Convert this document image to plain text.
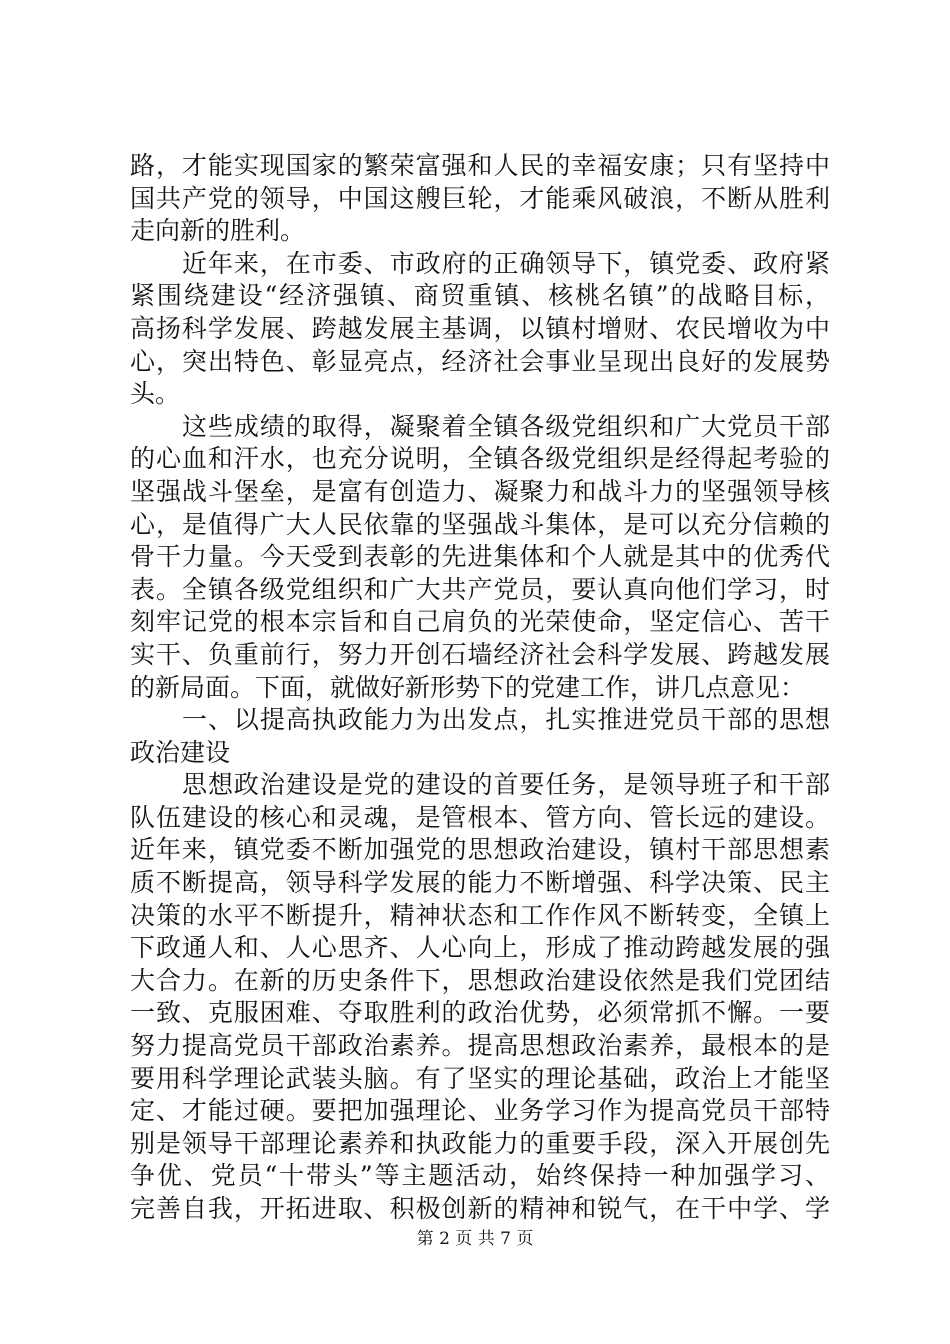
路，才能实现国家的繁荣富强和人民的幸福安康；只有坚持中
国共产党的领导，中国这艘巨轮，才能乘风破浪，不断从胜利
走向新的胜利。
近年来，在市委、市政府的正确领导下，镇党委、政府紧
紧围绕建设“经济强镇、商贸重镇、核桃名镇”的战略目标，
高扬科学发展、跨越发展主基调，以镇村增财、农民增收为中
心，突出特色、彰显亮点，经济社会事业呈现出良好的发展势
头。
这些成绩的取得，凝聚着全镇各级党组织和广大党员干部
的心血和汗水，也充分说明，全镇各级党组织是经得起考验的
坚强战斗堡垒，是富有创造力、凝聚力和战斗力的坚强领导核
心，是值得广大人民依靠的坚强战斗集体，是可以充分信赖的
骨干力量。今天受到表彰的先进集体和个人就是其中的优秀代
表。全镇各级党组织和广大共产党员，要认真向他们学习，时
刻牢记党的根本宗旨和自己肩负的光荣使命，坚定信心、苦干
实干、负重前行，努力开创石墙经济社会科学发展、跨越发展
的新局面。下面，就做好新形势下的党建工作，讲几点意见：
一、以提高执政能力为出发点，扎实推进党员干部的思想
政治建设
思想政治建设是党的建设的首要任务，是领导班子和干部
队伍建设的核心和灵魂，是管根本、管方向、管长远的建设。
近年来，镇党委不断加强党的思想政治建设，镇村干部思想素
质不断提高，领导科学发展的能力不断增强、科学决策、民主
决策的水平不断提升，精神状态和工作作风不断转变，全镇上
下政通人和、人心思齐、人心向上，形成了推动跨越发展的强
大合力。在新的历史条件下，思想政治建设依然是我们党团结
一致、克服困难、夺取胜利的政治优势，必须常抓不懈。一要
努力提高党员干部政治素养。提高思想政治素养，最根本的是
要用科学理论武装头脑。有了坚实的理论基础，政治上才能坚
定、才能过硬。要把加强理论、业务学习作为提高党员干部特
别是领导干部理论素养和执政能力的重要手段，深入开展创先
争优、党员“十带头”等主题活动，始终保持一种加强学习、
完善自我，开拓进取、积极创新的精神和锐气，在干中学、学
第 2 页 共 7 页
